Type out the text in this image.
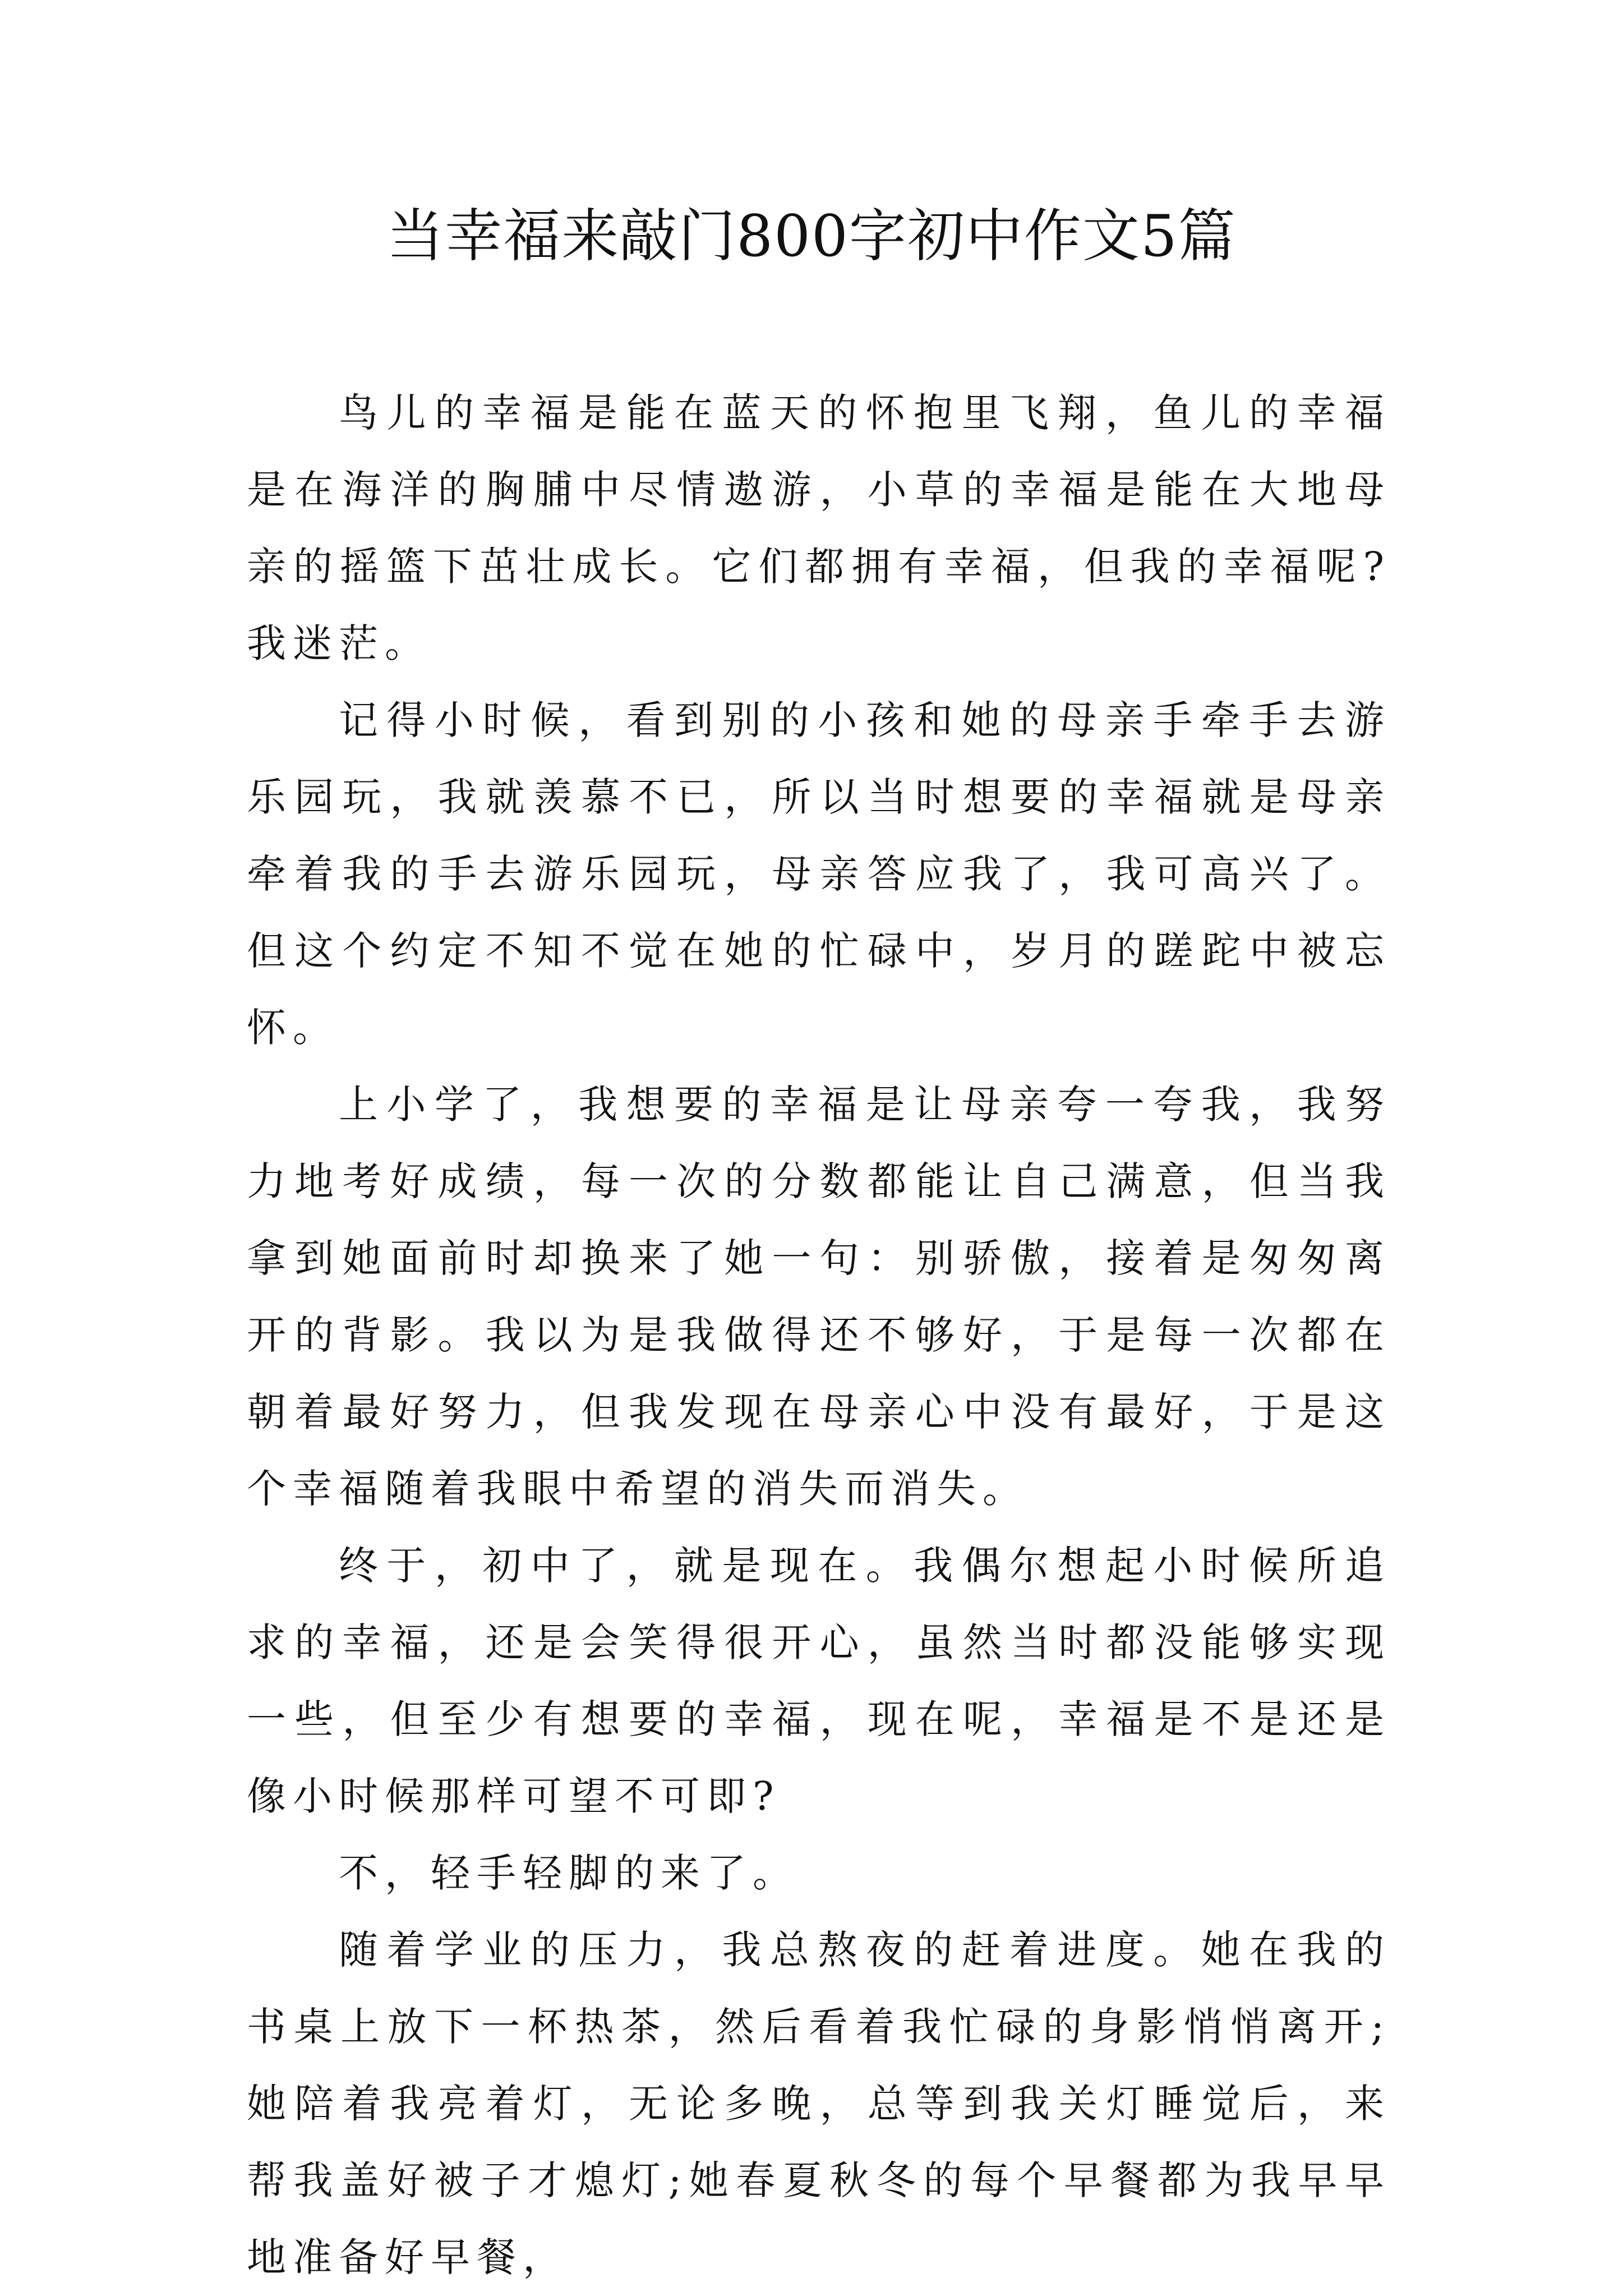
当幸福来敲门800字初中作文5篇

鸟儿的幸福是能在蓝天的怀抱里飞翔，鱼儿的幸福是在海洋的胸脯中尽情遨游，小草的幸福是能在大地母亲的摇篮下茁壮成长。它们都拥有幸福，但我的幸福呢?我迷茫。

记得小时候，看到别的小孩和她的母亲手牵手去游乐园玩，我就羡慕不已，所以当时想要的幸福就是母亲牵着我的手去游乐园玩，母亲答应我了，我可高兴了。但这个约定不知不觉在她的忙碌中，岁月的蹉跎中被忘怀。

上小学了，我想要的幸福是让母亲夸一夸我，我努力地考好成绩，每一次的分数都能让自己满意，但当我拿到她面前时却换来了她一句：别骄傲，接着是匆匆离开的背影。我以为是我做得还不够好，于是每一次都在朝着最好努力，但我发现在母亲心中没有最好，于是这个幸福随着我眼中希望的消失而消失。

终于，初中了，就是现在。我偶尔想起小时候所追求的幸福，还是会笑得很开心，虽然当时都没能够实现一些，但至少有想要的幸福，现在呢，幸福是不是还是像小时候那样可望不可即?

不，轻手轻脚的来了。

随着学业的压力，我总熬夜的赶着进度。她在我的书桌上放下一杯热茶，然后看着我忙碌的身影悄悄离开;她陪着我亮着灯，无论多晚，总等到我关灯睡觉后，来帮我盖好被子才熄灯;她春夏秋冬的每个早餐都为我早早地准备好早餐，
